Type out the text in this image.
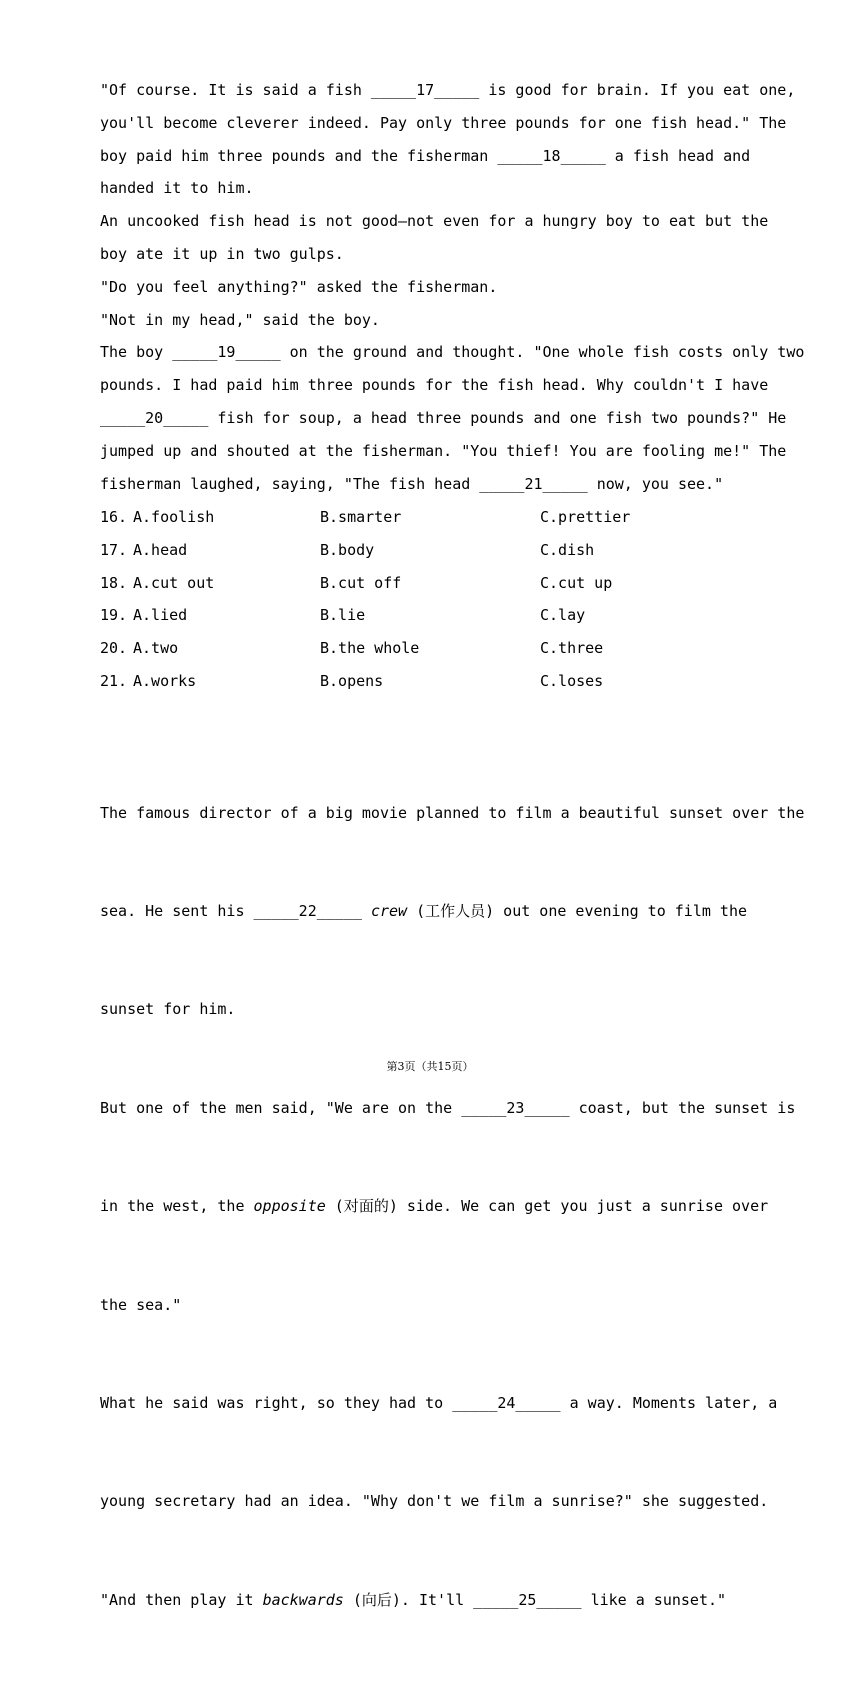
"Of course. It is said a fish _____17_____ is good for brain. If you eat one,
you'll become cleverer indeed. Pay only three pounds for one fish head." The
boy paid him three pounds and the fisherman _____18_____ a fish head and
handed it to him.
An uncooked fish head is not good—not even for a hungry boy to eat but the
boy ate it up in two gulps.
"Do you feel anything?" asked the fisherman.
"Not in my head," said the boy.
The boy _____19_____ on the ground and thought. "One whole fish costs only two
pounds. I had paid him three pounds for the fish head. Why couldn't I have
_____20_____ fish for soup, a head three pounds and one fish two pounds?" He
jumped up and shouted at the fisherman. "You thief! You are fooling me!" The
fisherman laughed, saying, "The fish head _____21_____ now, you see."
16. A.foolish	B.smarter	C.prettier
17. A.head	B.body	C.dish
18. A.cut out	B.cut off	C.cut up
19. A.lied	B.lie	C.lay
20. A.two	B.the whole	C.three
21. A.works	B.opens	C.loses

The famous director of a big movie planned to film a beautiful sunset over the

sea. He sent his _____22_____ crew (工作人员) out one evening to film the

sunset for him.

But one of the men said, "We are on the _____23_____ coast, but the sunset is

in the west, the opposite (对面的) side. We can get you just a sunrise over

the sea."

What he said was right, so they had to _____24_____ a way. Moments later, a

young secretary had an idea. "Why don't we film a sunrise?" she suggested.

"And then play it backwards (向后). It'll _____25_____ like a sunset."

第3页（共15页）
